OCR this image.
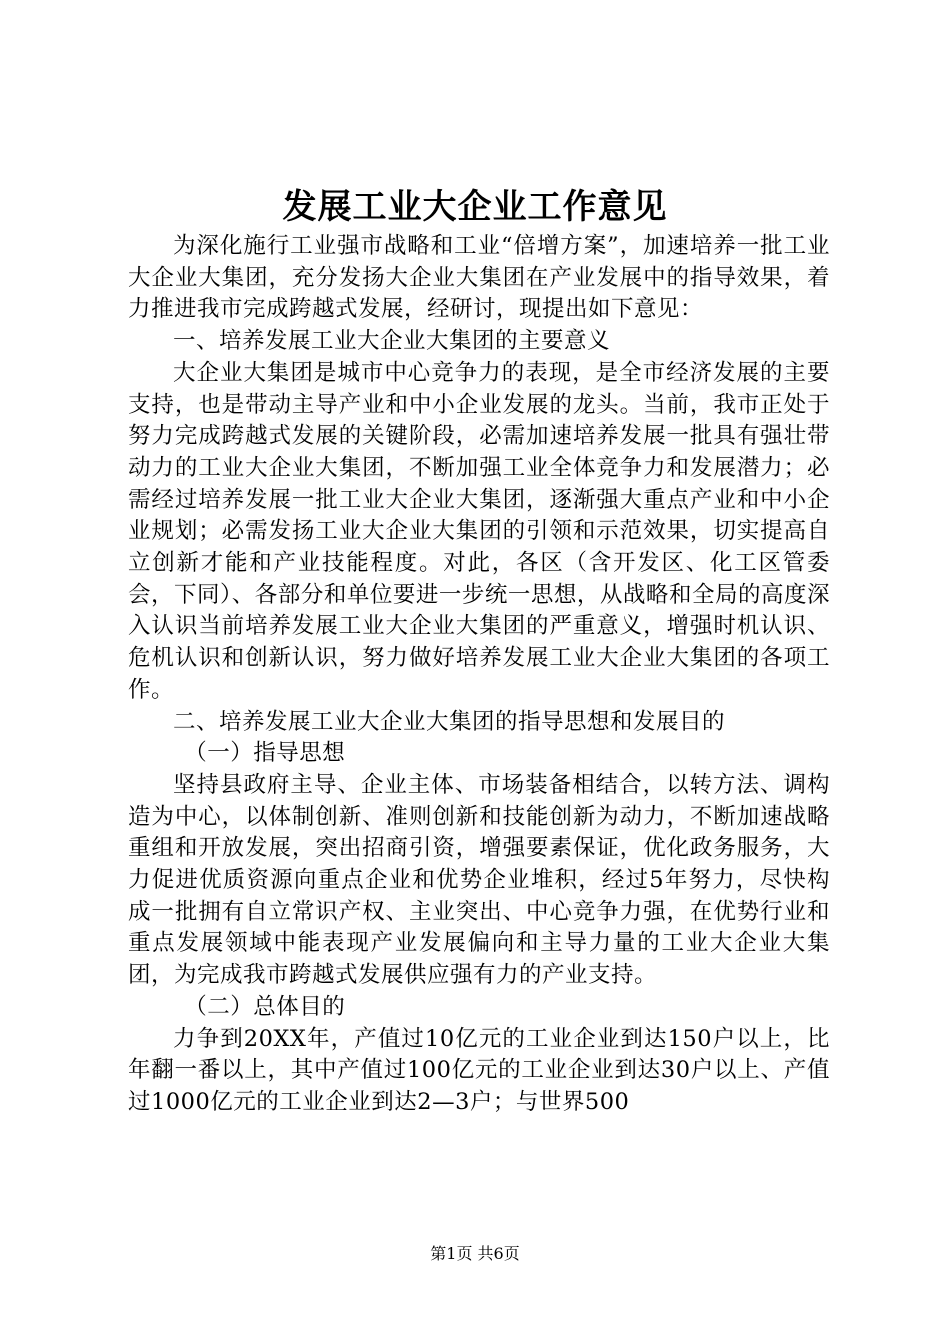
发展工业大企业工作意见

为深化施行工业强市战略和工业“倍增方案”，加速培养一批工业大企业大集团，充分发扬大企业大集团在产业发展中的指导效果，着力推进我市完成跨越式发展，经研讨，现提出如下意见：

一、培养发展工业大企业大集团的主要意义

大企业大集团是城市中心竞争力的表现，是全市经济发展的主要支持，也是带动主导产业和中小企业发展的龙头。当前，我市正处于努力完成跨越式发展的关键阶段，必需加速培养发展一批具有强壮带动力的工业大企业大集团，不断加强工业全体竞争力和发展潜力；必需经过培养发展一批工业大企业大集团，逐渐强大重点产业和中小企业规划；必需发扬工业大企业大集团的引领和示范效果，切实提高自立创新才能和产业技能程度。对此，各区（含开发区、化工区管委会，下同）、各部分和单位要进一步统一思想，从战略和全局的高度深入认识当前培养发展工业大企业大集团的严重意义，增强时机认识、危机认识和创新认识，努力做好培养发展工业大企业大集团的各项工作。

二、培养发展工业大企业大集团的指导思想和发展目的

（一）指导思想

坚持县政府主导、企业主体、市场装备相结合，以转方法、调构造为中心，以体制创新、准则创新和技能创新为动力，不断加速战略重组和开放发展，突出招商引资，增强要素保证，优化政务服务，大力促进优质资源向重点企业和优势企业堆积，经过5年努力，尽快构成一批拥有自立常识产权、主业突出、中心竞争力强，在优势行业和重点发展领域中能表现产业发展偏向和主导力量的工业大企业大集团，为完成我市跨越式发展供应强有力的产业支持。

（二）总体目的

力争到20XX年，产值过10亿元的工业企业到达150户以上，比年翻一番以上，其中产值过100亿元的工业企业到达30户以上、产值过1000亿元的工业企业到达2—3户；与世界500

第1页 共6页
